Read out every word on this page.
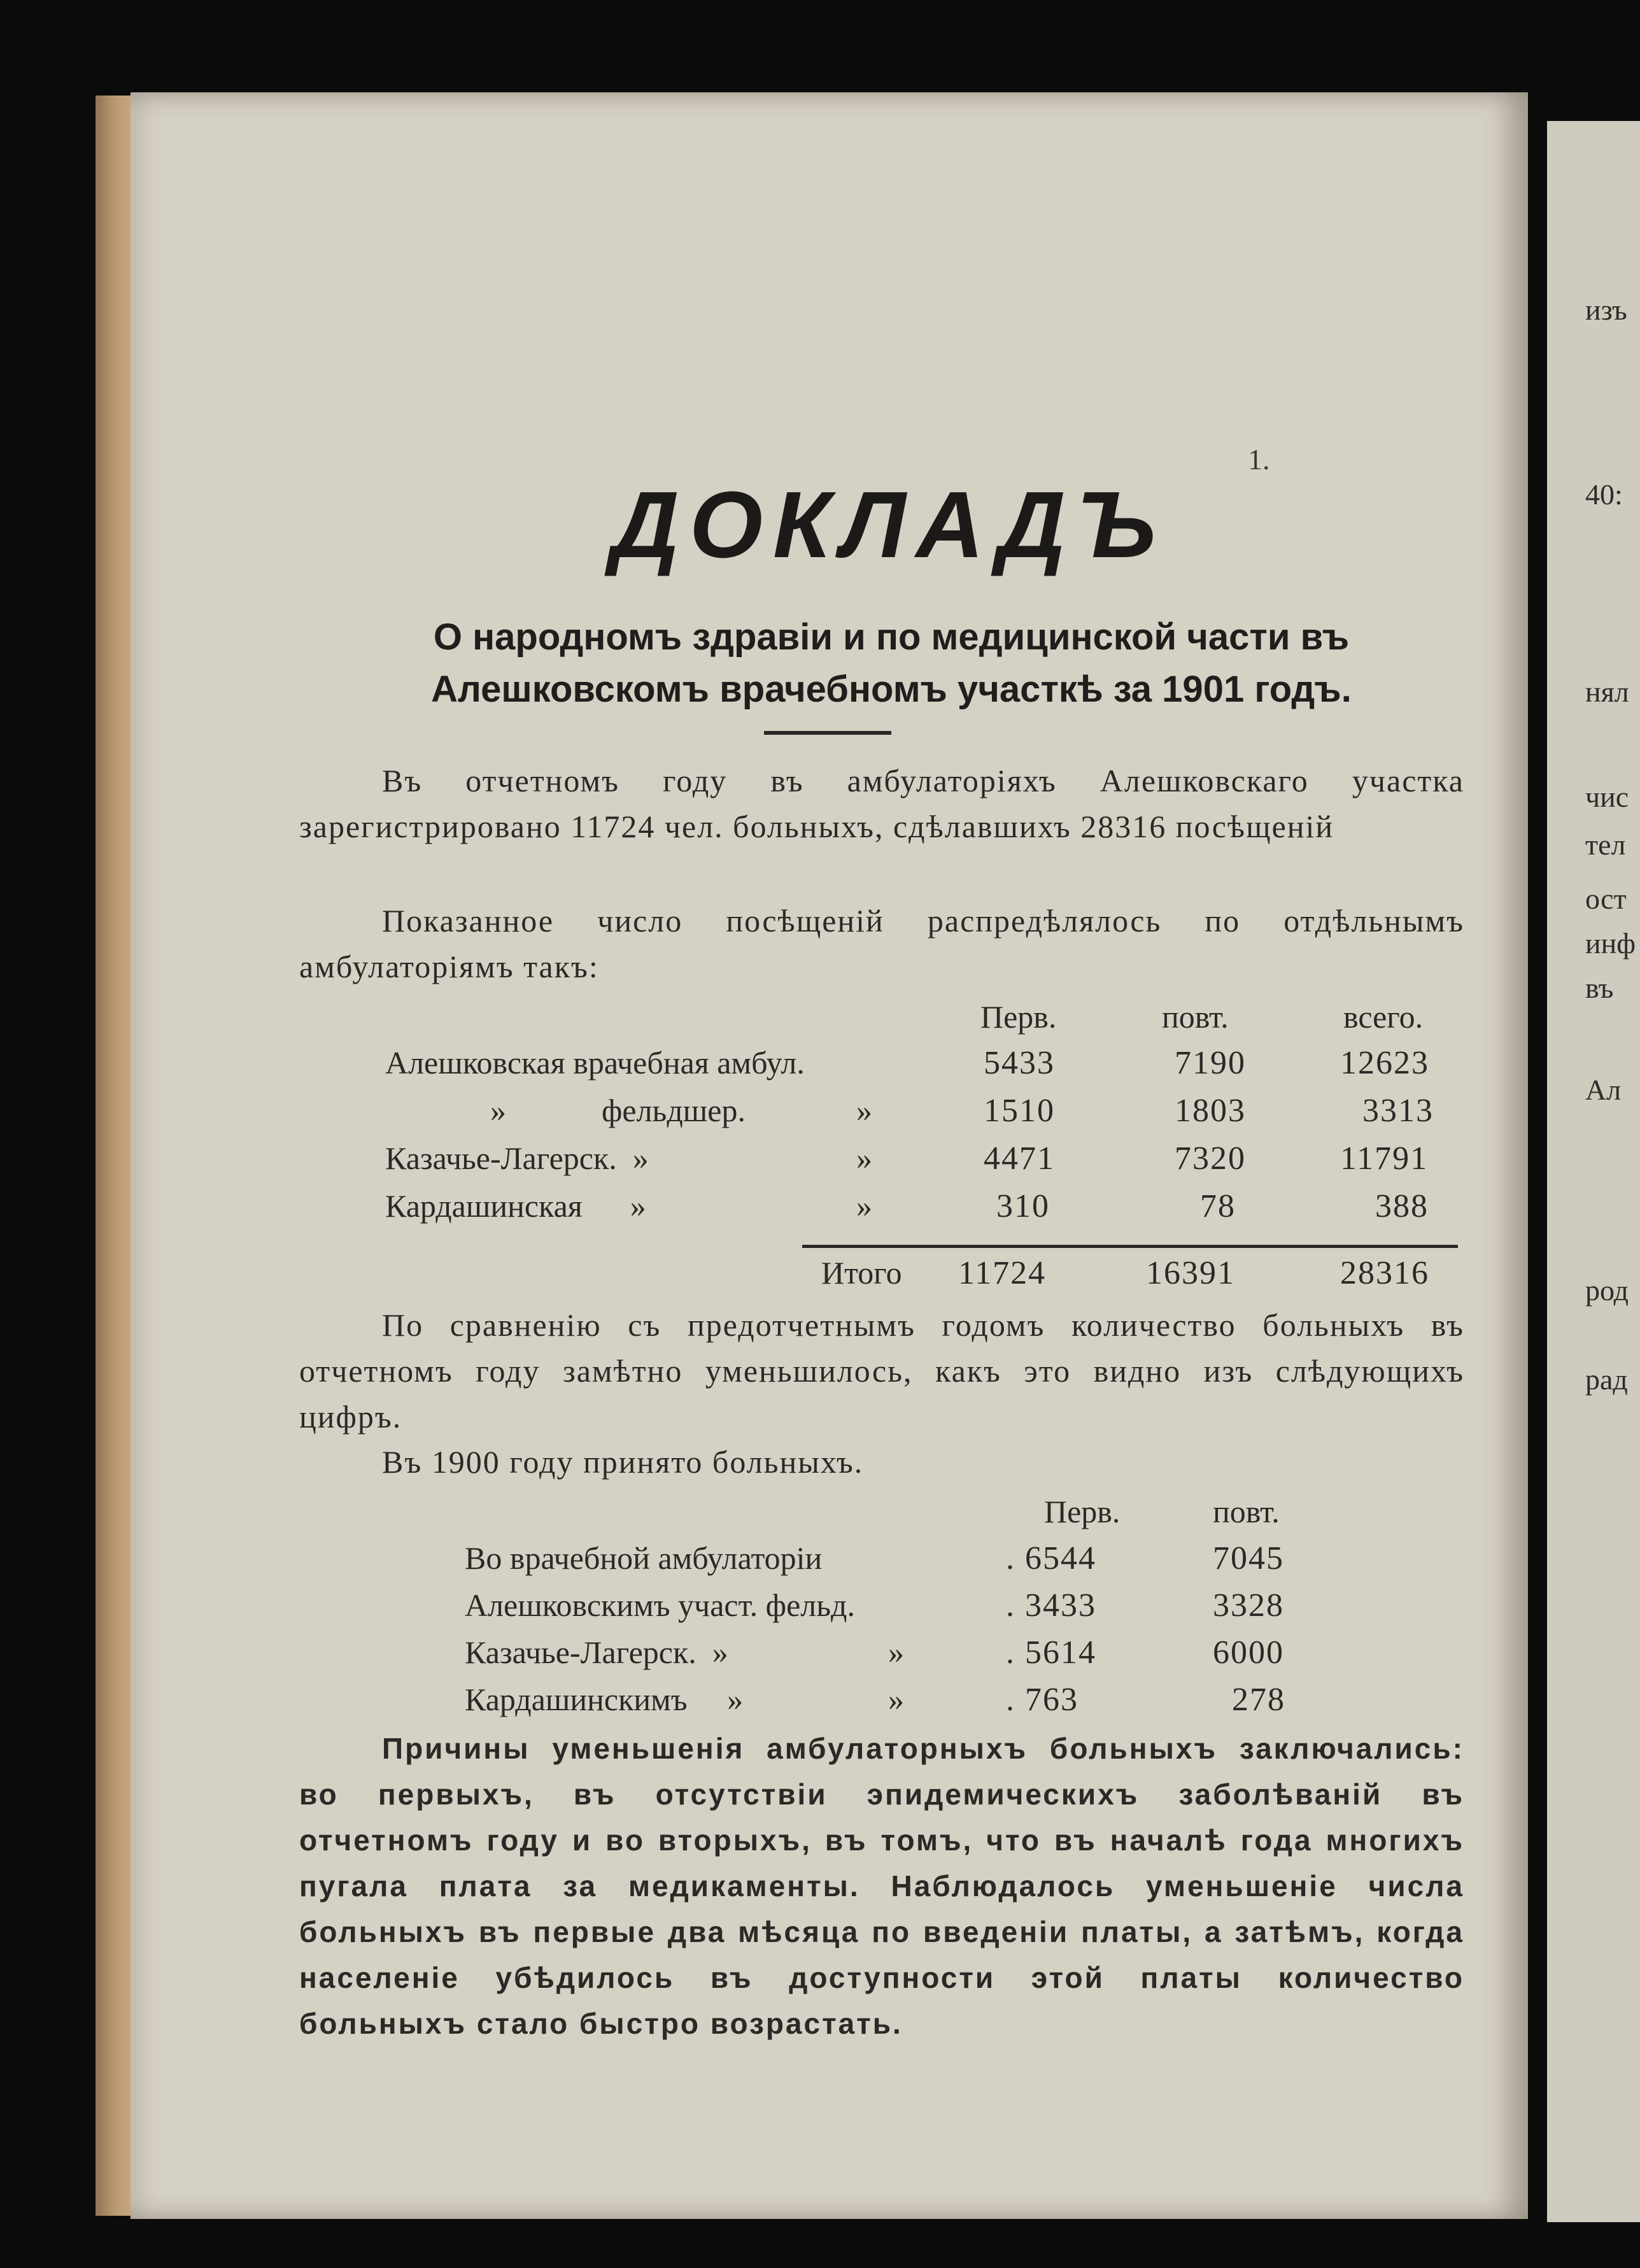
1.
ДОКЛАДЪ
О народномъ здравіи и по медицинской части въ Алешковскомъ врачебномъ участкѣ за 1901 годъ.
Въ отчетномъ году въ амбулаторіяхъ Алешковскаго участка зарегистрировано 11724 чел. больныхъ, сдѣлавшихъ 28316 посѣщеній
Показанное число посѣщеній распредѣлялось по отдѣльнымъ амбулаторіямъ такъ:
Перв.	повт.	всего.
Алешковская врачебная амбул.	5433	7190	12623
»            фельдшер.	»	1510	1803	3313
Казачье-Лагерск.  »	»	4471	7320	11791
Кардашинская      »	»	310	78	388
Итого 11724	16391	28316
По сравненію съ предотчетнымъ годомъ количество больныхъ въ отчетномъ году замѣтно уменьшилось, какъ это видно изъ слѣдующихъ цифръ.
Въ 1900 году принято больныхъ.
Перв.	повт.
Во врачебной амбулаторіи	. 6544	7045
Алешковскимъ участ. фельд.	. 3433	3328
Казачье-Лагерск.  »	»	. 5614	6000
Кардашинскимъ     »	»	. 763	278
Причины уменьшенія амбулаторныхъ больныхъ заключались: во первыхъ, въ отсутствіи эпидемическихъ заболѣваній въ отчетномъ году и во вторыхъ, въ томъ, что въ началѣ года многихъ пугала плата за медикаменты. Наблюдалось уменьшеніе числа больныхъ въ первые два мѣсяца по введеніи платы, а затѣмъ, когда населеніе убѣдилось въ доступности этой платы количество больныхъ стало быстро возрастать.
изъ
40:
нял
чис
тел
ост
инф
въ
Ал
род
рад
